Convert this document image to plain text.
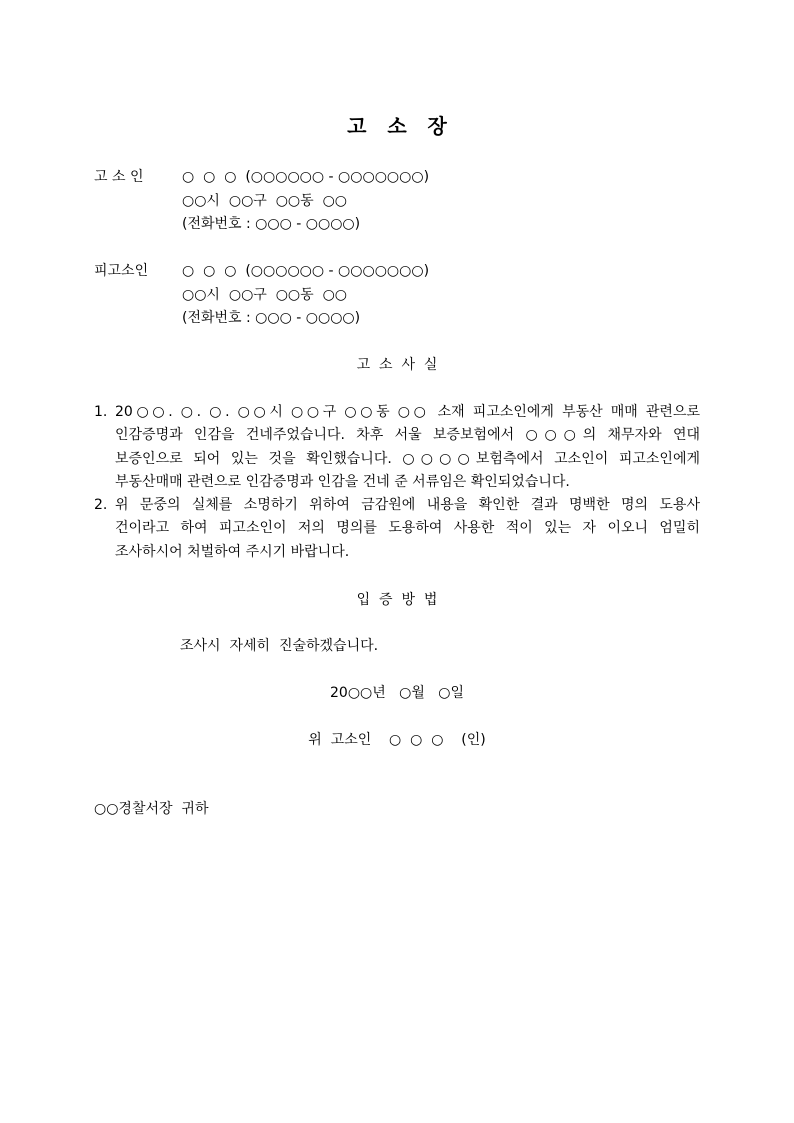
고   소   장
고 소 인	○  ○  ○  (○○○○○○ - ○○○○○○○)
○○시  ○○구  ○○동  ○○
(전화번호 : ○○○ - ○○○○)
피고소인 ○  ○  ○  (○○○○○○ - ○○○○○○○)
○○시  ○○구  ○○동  ○○
(전화번호 : ○○○ - ○○○○)
고  소  사  실
1. 20○○. ○. ○. ○○시 ○○구 ○○동 ○○ 소재 피고소인에게 부동산 매매 관련으로
인감증명과 인감을 건네주었습니다. 차후 서울 보증보험에서 ○○○의 채무자와 연대
보증인으로 되어 있는 것을 확인했습니다. ○○○○보험측에서 고소인이 피고소인에게
부동산매매 관련으로 인감증명과 인감을 건네 준 서류임은 확인되었습니다.
2. 위 문중의 실체를 소명하기 위하여 금감원에 내용을 확인한 결과 명백한 명의 도용사
건이라고 하여 피고소인이 저의 명의를 도용하여 사용한 적이 있는 자 이오니 엄밀히
조사하시어 처벌하여 주시기 바랍니다.
입  증  방  법
조사시  자세히  진술하겠습니다.
20○○년   ○월   ○일
위  고소인    ○  ○  ○    (인)
○○경찰서장  귀하
